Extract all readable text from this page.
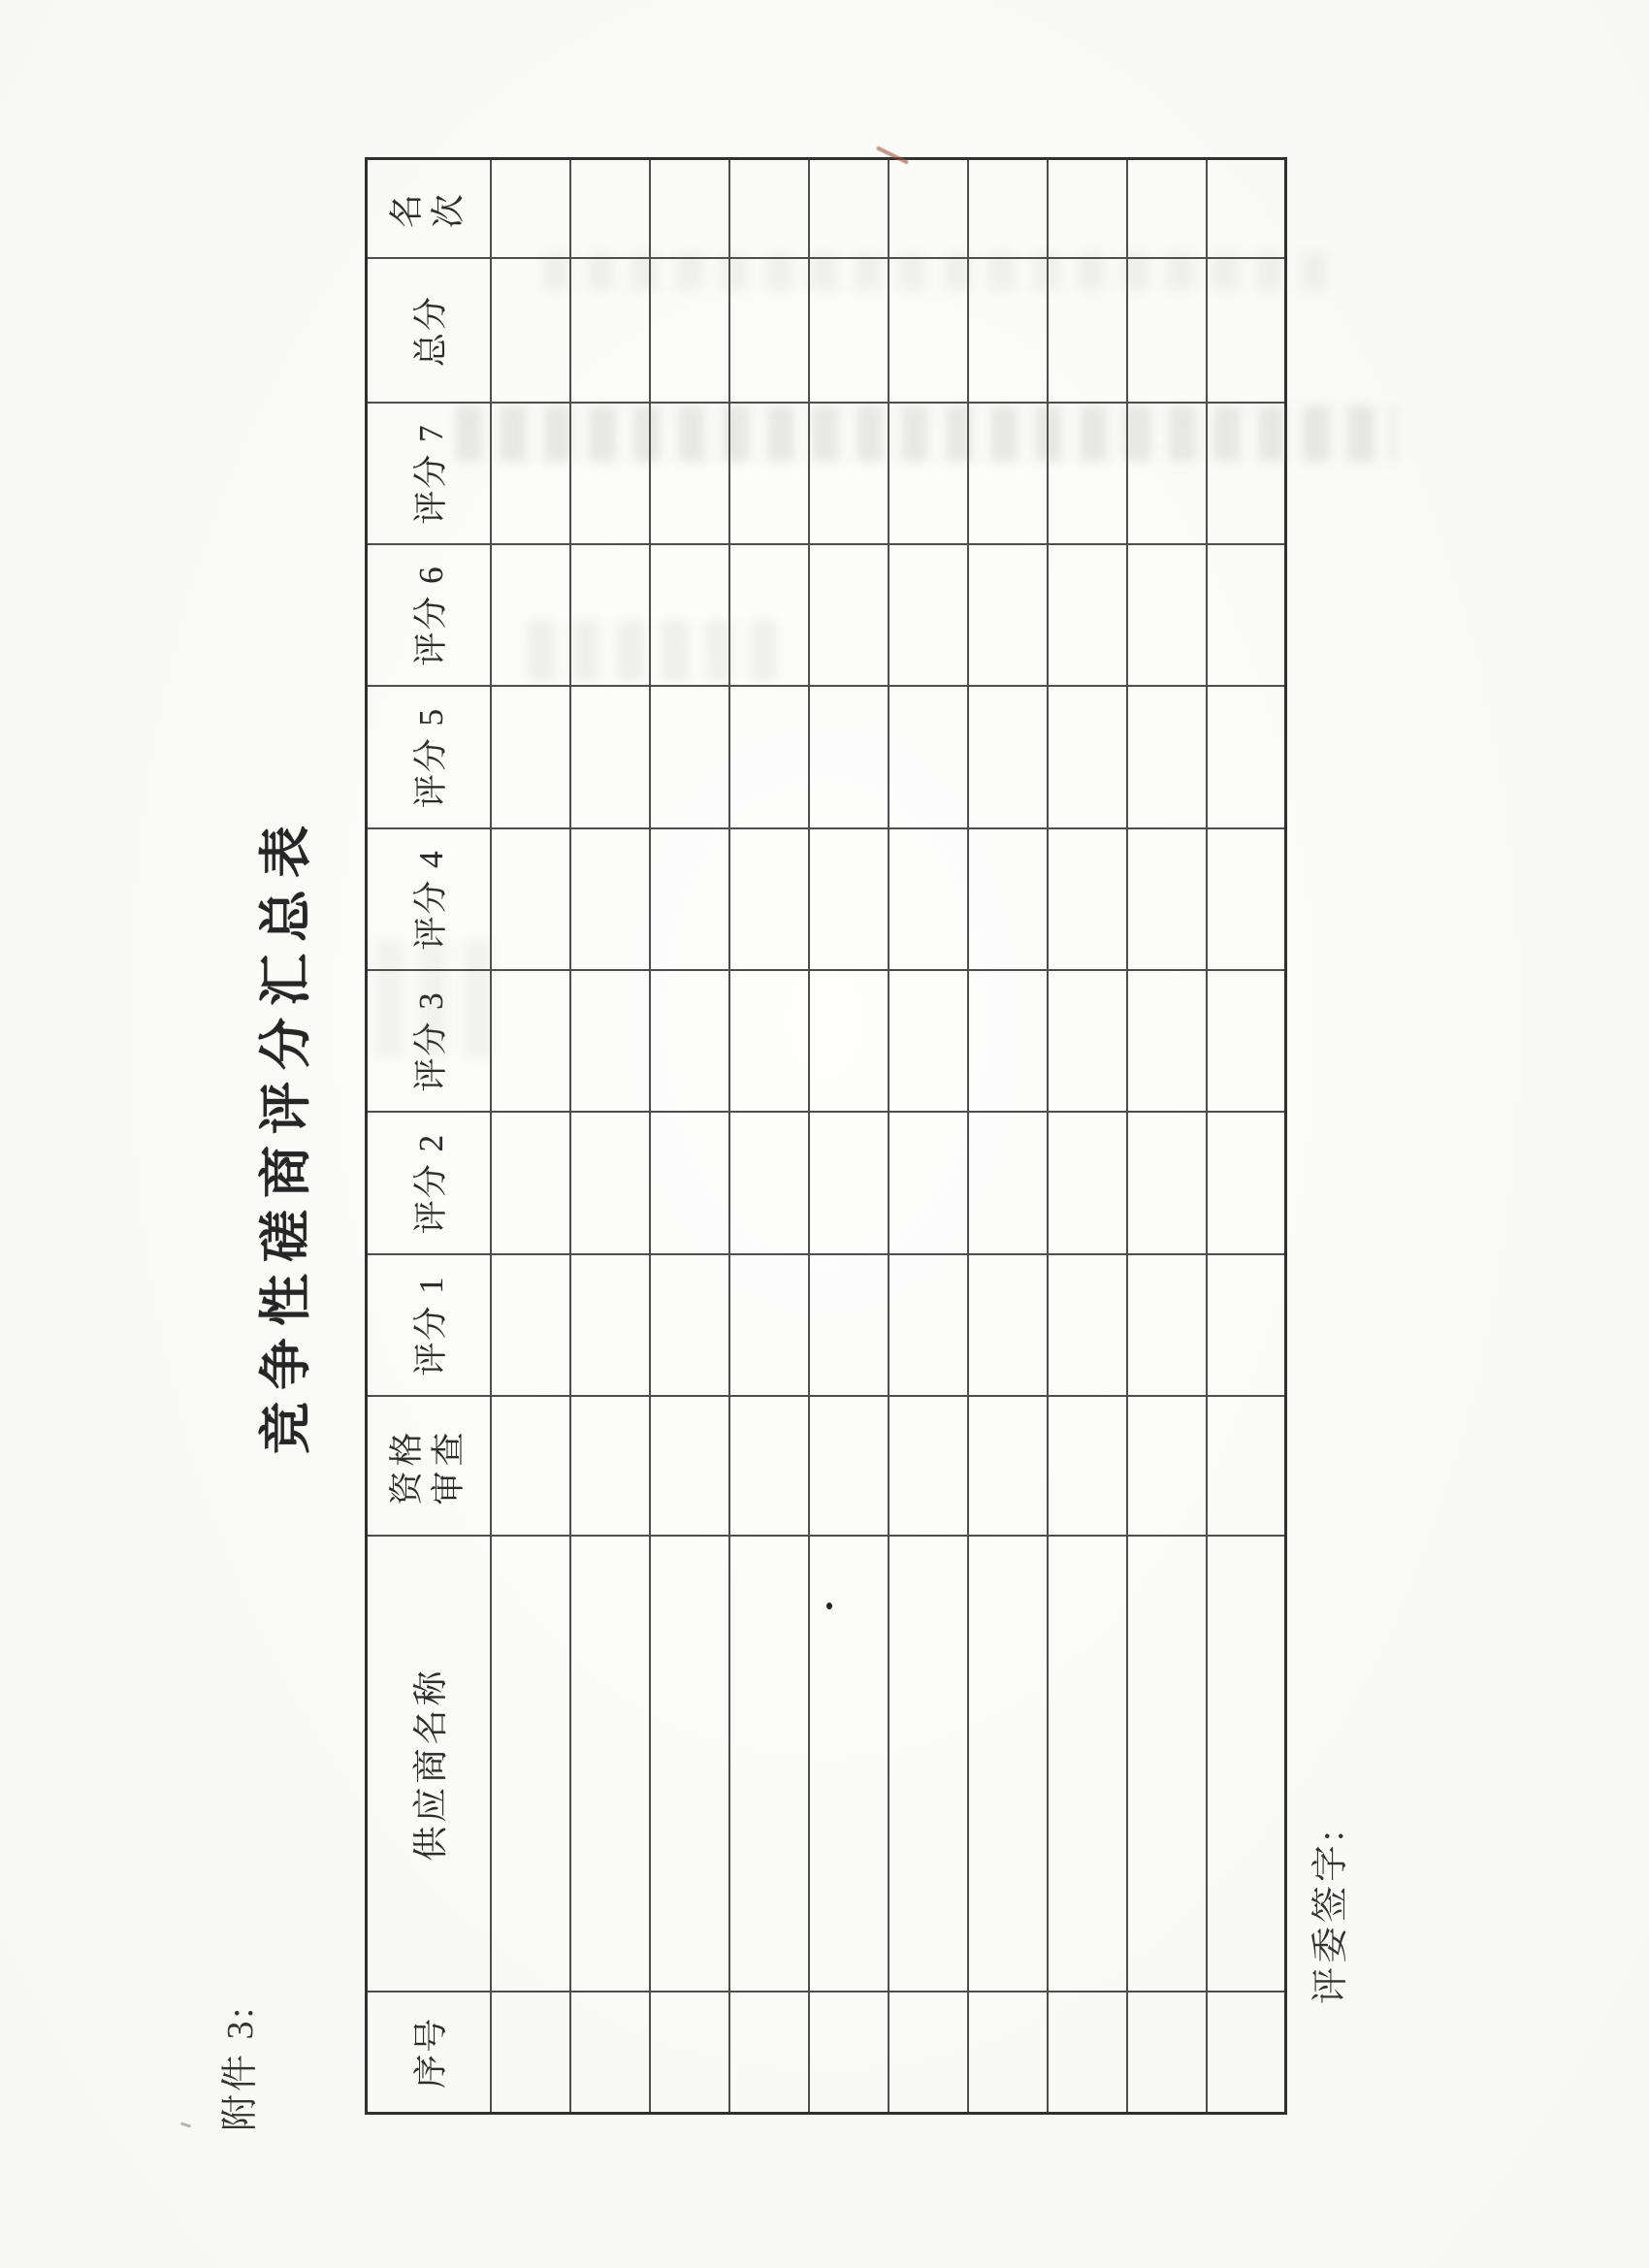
附件 3:
竞争性磋商评分汇总表
序号	供应商名称	资格 审查	评分 1	评分 2	评分 3	评分 4	评分 5	评分 6	评分 7	总分	名 次

评委签字:
